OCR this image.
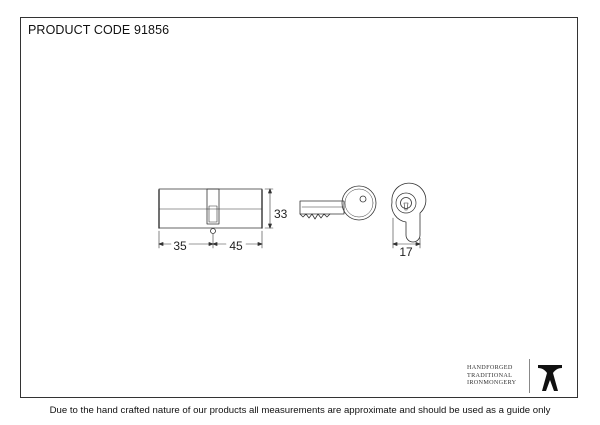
PRODUCT CODE 91856
35	45
33
17
HANDFORGED
TRADITIONAL
IRONMONGERY
Due to the hand crafted nature of our products all measurements are approximate and should be used as a guide only
